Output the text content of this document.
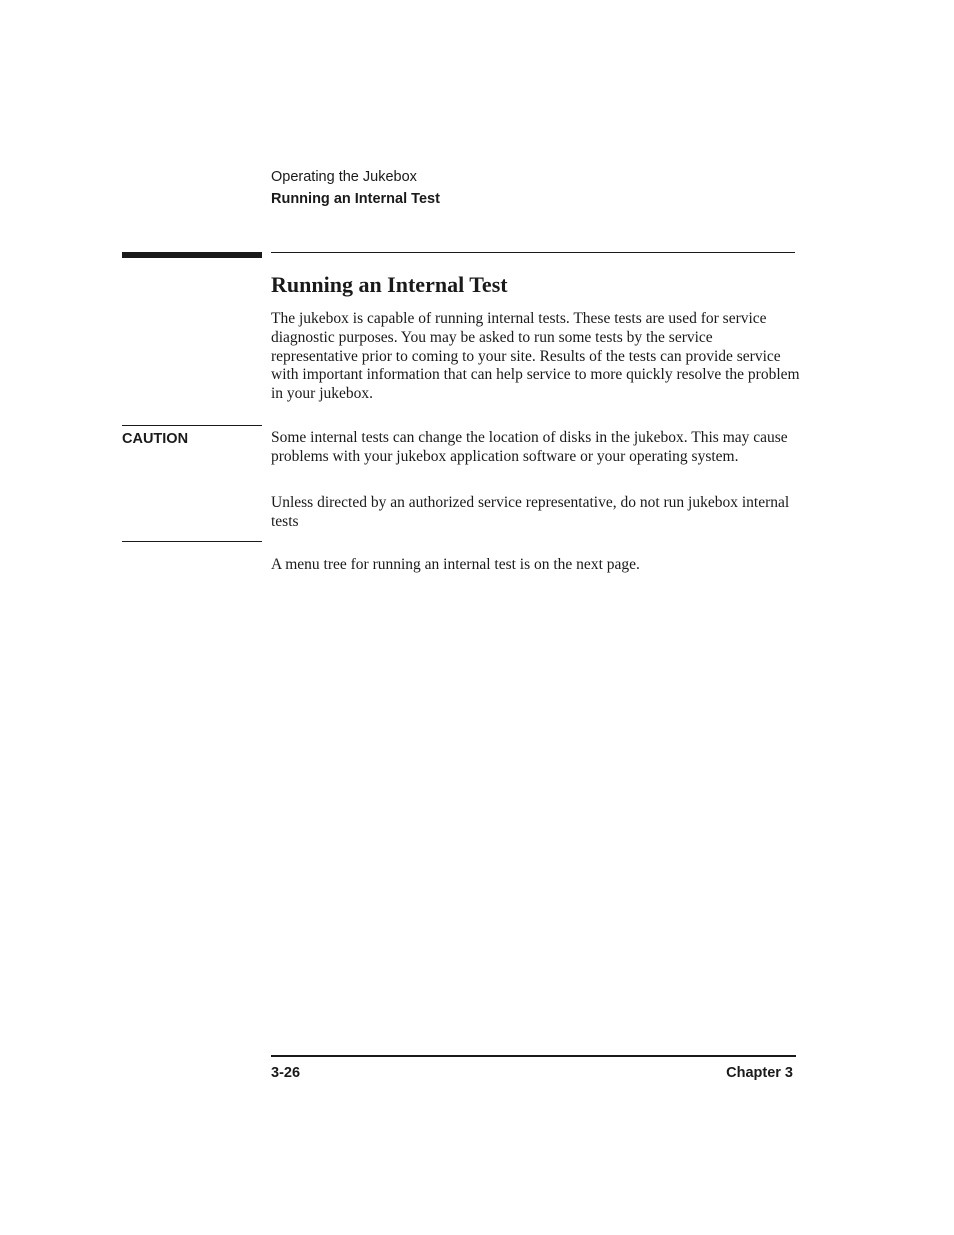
Operating the Jukebox
Running an Internal Test
Running an Internal Test

The jukebox is capable of running internal tests. These tests are used for service diagnostic purposes. You may be asked to run some tests by the service representative prior to coming to your site. Results of the tests can provide service with important information that can help service to more quickly resolve the problem in your jukebox.

CAUTION	Some internal tests can change the location of disks in the jukebox. This may cause problems with your jukebox application software or your operating system.

Unless directed by an authorized service representative, do not run jukebox internal tests

A menu tree for running an internal test is on the next page.

3-26	Chapter 3
